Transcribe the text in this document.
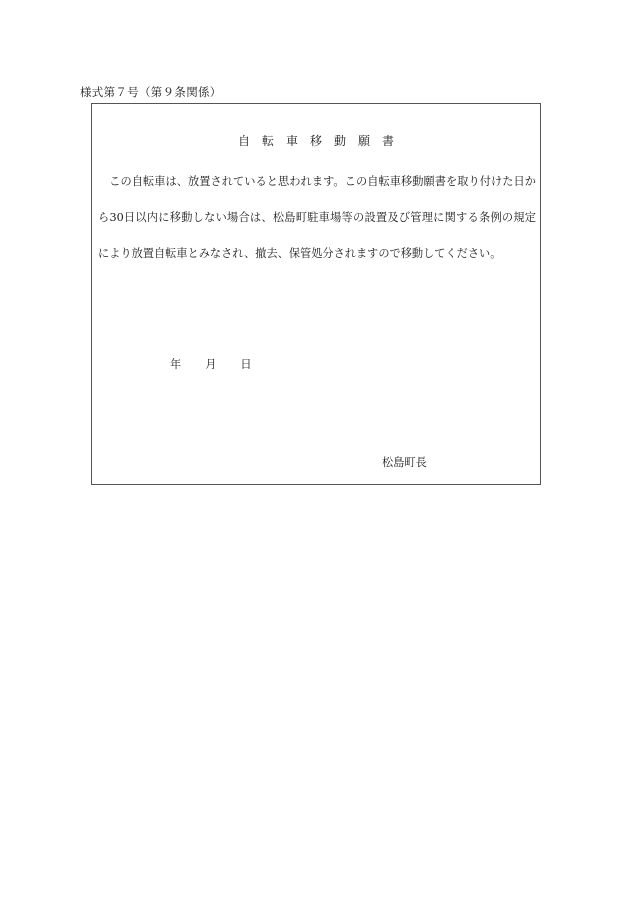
様式第７号（第９条関係）
自転車移動願書

この自転車は、放置されていると思われます。この自転車移動願書を取り付けた日から30日以内に移動しない場合は、松島町駐車場等の設置及び管理に関する条例の規定により放置自転車とみなされ、撤去、保管処分されますので移動してください。

年 月 日
松島町長
